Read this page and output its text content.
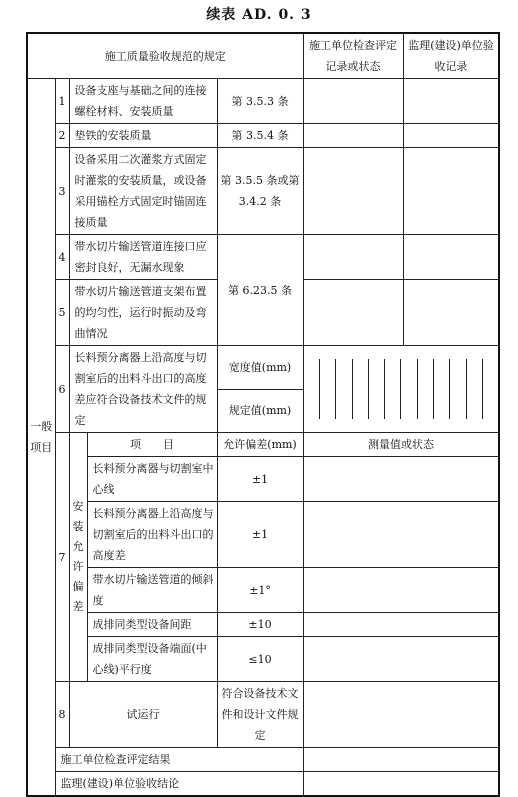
续表 AD. 0. 3
施工质量验收规范的规定					施工单位检查评定记录或状态	监理(建设)单位验收记录
一般项目	1	设备支座与基础之间的连接螺栓材料、安装质量		第 3.5.3 条		
	2	垫铁的安装质量		第 3.5.4 条		
	3	设备采用二次灌浆方式固定时灌浆的安装质量，或设备采用锚栓方式固定时锚固连接质量		第 3.5.5 条或第 3.4.2 条		
	4	带水切片输送管道连接口应密封良好，无漏水现象		第 6.23.5 条		
	5	带水切片输送管道支架布置的均匀性，运行时振动及弯曲情况				
	6	长料预分离器上沿高度与切割室后的出料斗出口的高度差应符合设备技术文件的规定		宽度值(mm)		

				规定值(mm)		
	7	安装允许偏差	项　　目	允许偏差(mm)	测量值或状态	
			长料预分离器与切割室中心线	±1		
			长料预分离器上沿高度与切割室后的出料斗出口的高度差	±1		
			带水切片输送管道的倾斜度	±1°		
			成排同类型设备间距	±10		
			成排同类型设备端面(中心线)平行度	≤10		
	8	试运行		符合设备技术文件和设计文件规定		
	施工单位检查评定结果					
	监理(建设)单位验收结论					
